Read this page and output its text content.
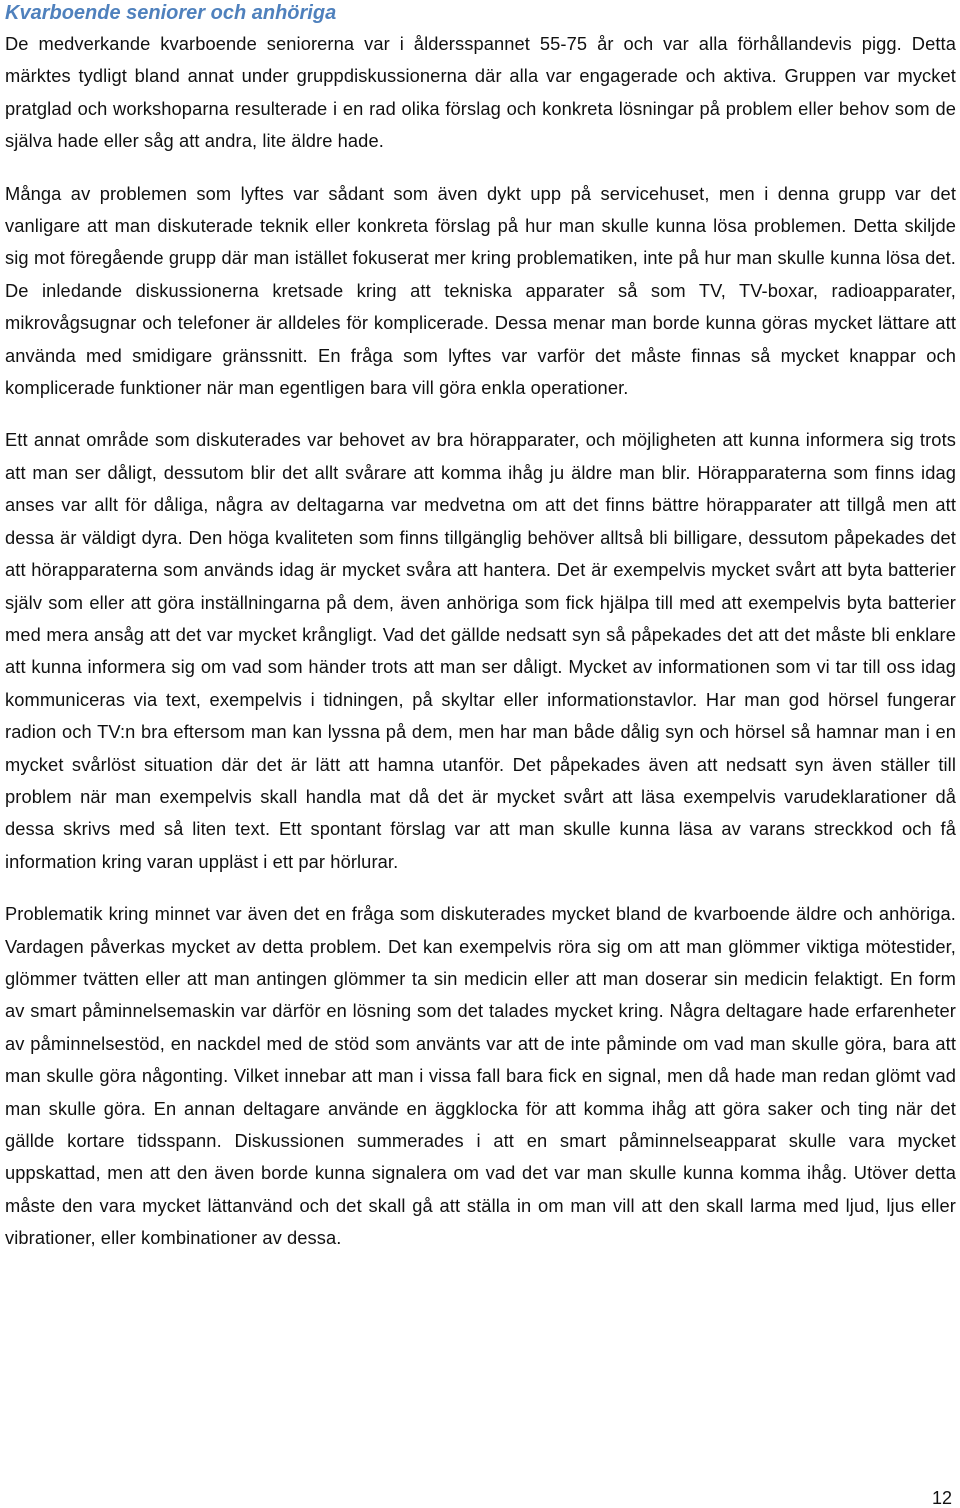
Kvarboende seniorer och anhöriga

De medverkande kvarboende seniorerna var i åldersspannet 55-75 år och var alla förhållandevis pigg. Detta märktes tydligt bland annat under gruppdiskussionerna där alla var engagerade och aktiva. Gruppen var mycket pratglad och workshoparna resulterade i en rad olika förslag och konkreta lösningar på problem eller behov som de själva hade eller såg att andra, lite äldre hade.

Många av problemen som lyftes var sådant som även dykt upp på servicehuset, men i denna grupp var det vanligare att man diskuterade teknik eller konkreta förslag på hur man skulle kunna lösa problemen. Detta skiljde sig mot föregående grupp där man istället fokuserat mer kring problematiken, inte på hur man skulle kunna lösa det. De inledande diskussionerna kretsade kring att tekniska apparater så som TV, TV-boxar, radioapparater, mikrovågsugnar och telefoner är alldeles för komplicerade. Dessa menar man borde kunna göras mycket lättare att använda med smidigare gränssnitt. En fråga som lyftes var varför det måste finnas så mycket knappar och komplicerade funktioner när man egentligen bara vill göra enkla operationer.

Ett annat område som diskuterades var behovet av bra hörapparater, och möjligheten att kunna informera sig trots att man ser dåligt, dessutom blir det allt svårare att komma ihåg ju äldre man blir. Hörapparaterna som finns idag anses var allt för dåliga, några av deltagarna var medvetna om att det finns bättre hörapparater att tillgå men att dessa är väldigt dyra. Den höga kvaliteten som finns tillgänglig behöver alltså bli billigare, dessutom påpekades det att hörapparaterna som används idag är mycket svåra att hantera. Det är exempelvis mycket svårt att byta batterier själv som eller att göra inställningarna på dem, även anhöriga som fick hjälpa till med att exempelvis byta batterier med mera ansåg att det var mycket krångligt. Vad det gällde nedsatt syn så påpekades det att det måste bli enklare att kunna informera sig om vad som händer trots att man ser dåligt. Mycket av informationen som vi tar till oss idag kommuniceras via text, exempelvis i tidningen, på skyltar eller informationstavlor. Har man god hörsel fungerar radion och TV:n bra eftersom man kan lyssna på dem, men har man både dålig syn och hörsel så hamnar man i en mycket svårlöst situation där det är lätt att hamna utanför. Det påpekades även att nedsatt syn även ställer till problem när man exempelvis skall handla mat då det är mycket svårt att läsa exempelvis varudeklarationer då dessa skrivs med så liten text. Ett spontant förslag var att man skulle kunna läsa av varans streckkod och få information kring varan uppläst i ett par hörlurar.

Problematik kring minnet var även det en fråga som diskuterades mycket bland de kvarboende äldre och anhöriga. Vardagen påverkas mycket av detta problem. Det kan exempelvis röra sig om att man glömmer viktiga mötestider, glömmer tvätten eller att man antingen glömmer ta sin medicin eller att man doserar sin medicin felaktigt. En form av smart påminnelsemaskin var därför en lösning som det talades mycket kring. Några deltagare hade erfarenheter av påminnelsestöd, en nackdel med de stöd som använts var att de inte påminde om vad man skulle göra, bara att man skulle göra någonting. Vilket innebar att man i vissa fall bara fick en signal, men då hade man redan glömt vad man skulle göra. En annan deltagare använde en äggklocka för att komma ihåg att göra saker och ting när det gällde kortare tidsspann. Diskussionen summerades i att en smart påminnelseapparat skulle vara mycket uppskattad, men att den även borde kunna signalera om vad det var man skulle kunna komma ihåg. Utöver detta måste den vara mycket lättanvänd och det skall gå att ställa in om man vill att den skall larma med ljud, ljus eller vibrationer, eller kombinationer av dessa.

12
